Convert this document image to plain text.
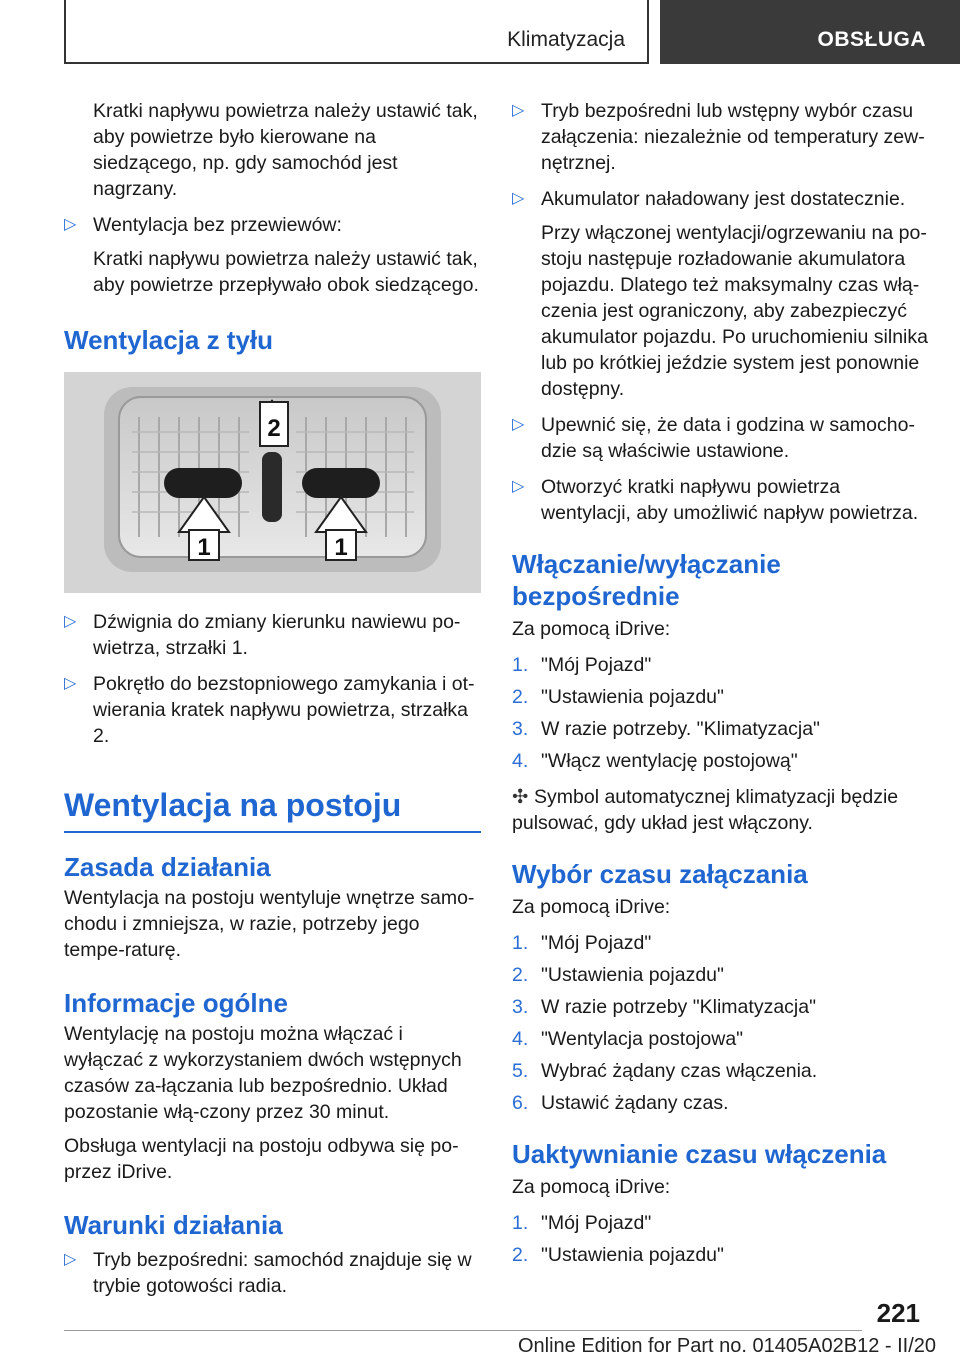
Klimatyzacja	OBSŁUGA

Kratki napływu powietrza należy ustawić tak, aby powietrze było kierowane na siedzącego, np. gdy samochód jest nagrzany.

▷ Wentylacja bez przewiewów:

Kratki napływu powietrza należy ustawić tak, aby powietrze przepływało obok siedzącego.

Wentylacja z tyłu
2
1	1

▷ Dźwignia do zmiany kierunku nawiewu po-wietrza, strzałki 1.

▷ Pokrętło do bezstopniowego zamykania i ot-wierania kratek napływu powietrza, strzałka 2.

Wentylacja na postoju
Zasada działania

Wentylacja na postoju wentyluje wnętrze samo-chodu i zmniejsza, w razie, potrzeby jego tempe-raturę.

Informacje ogólne

Wentylację na postoju można włączać i wyłączać z wykorzystaniem dwóch wstępnych czasów za-łączania lub bezpośrednio. Układ pozostanie włą-czony przez 30 minut.

Obsługa wentylacji na postoju odbywa się po-przez iDrive.

Warunki działania

▷ Tryb bezpośredni: samochód znajduje się w trybie gotowości radia.

▷ Tryb bezpośredni lub wstępny wybór czasu załączenia: niezależnie od temperatury zew-nętrznej.

▷ Akumulator naładowany jest dostatecznie.

Przy włączonej wentylacji/ogrzewaniu na po-stoju następuje rozładowanie akumulatora pojazdu. Dlatego też maksymalny czas włą-czenia jest ograniczony, aby zabezpieczyć akumulator pojazdu. Po uruchomieniu silnika lub po krótkiej jeździe system jest ponownie dostępny.

▷ Upewnić się, że data i godzina w samocho-dzie są właściwie ustawione.

▷ Otworzyć kratki napływu powietrza wentylacji, aby umożliwić napływ powietrza.

Włączanie/wyłączanie bezpośrednie

Za pomocą iDrive:

1. "Mój Pojazd"

2. "Ustawienia pojazdu"

3. W razie potrzeby. "Klimatyzacja"

4. "Włącz wentylację postojową"

✣ Symbol automatycznej klimatyzacji będzie pulsować, gdy układ jest włączony.

Wybór czasu załączania

Za pomocą iDrive:

1. "Mój Pojazd"

2. "Ustawienia pojazdu"

3. W razie potrzeby "Klimatyzacja"

4. "Wentylacja postojowa"

5. Wybrać żądany czas włączenia.

6. Ustawić żądany czas.

Uaktywnianie czasu włączenia

Za pomocą iDrive:

1. "Mój Pojazd"

2. "Ustawienia pojazdu"

221
Online Edition for Part no. 01405A02B12 - II/20
